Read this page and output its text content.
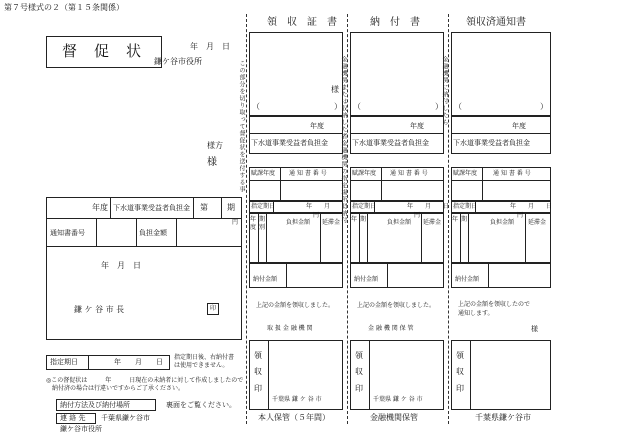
第７号様式の２（第１５条関係）
督　促　状	年　月　日
鎌ケ谷市役所
様方
様
年度 下水道事業受益者負担金 第 期
円
通知書番号	負担金額
年　月　日
鎌 ケ 谷 市 長	印
指定期日	年　　月　　日
指定期日後、右納付書
は使用できません。
◎この督促状は　　　年　　　日現在の未納者に対して作成しましたので
　納付済の場合は行違いですからご了承ください。
納付方法及び納付場所	裏面をご覧ください。
連 絡 先 千葉県鎌ケ谷市
鎌ケ谷市役所
この部分を切り取って督促状を送付する事	金融機関または収納した者
金融機関の指定場所に納付
金融機関に納付したら
領　収　証　書
（	）
様
年度
下水道事業受益者負担金
賦課年度 通 知 書 番 号
指定期日	年　　月　　日
年
度
期
別
負担金額 延滞金
円
納付金額
上記の金額を領収しました。
取 扱 金 融 機 関
領
収
印
千葉県 鎌 ケ 谷 市
本人保管（５年間）
納　付　書
（	）
年度
下水道事業受益者負担金
賦課年度 通 知 書 番 号
指定期日	年　　月　　日
年 期	負担金額 延滞金
円
納付金額
上記の金額を領収しました。
金 融 機 関 保 管
領
収
印
千葉県 鎌 ケ 谷 市
金融機関保管
領収済通知書
（	）
年度
下水道事業受益者負担金
賦課年度	通 知 書 番 号
指定期日	年　　月　　日
年 期	負担金額 延滞金
円
納付金額
上記の金額を領収したので
通知します。
様
領
収
印
千葉県鎌ケ谷市
